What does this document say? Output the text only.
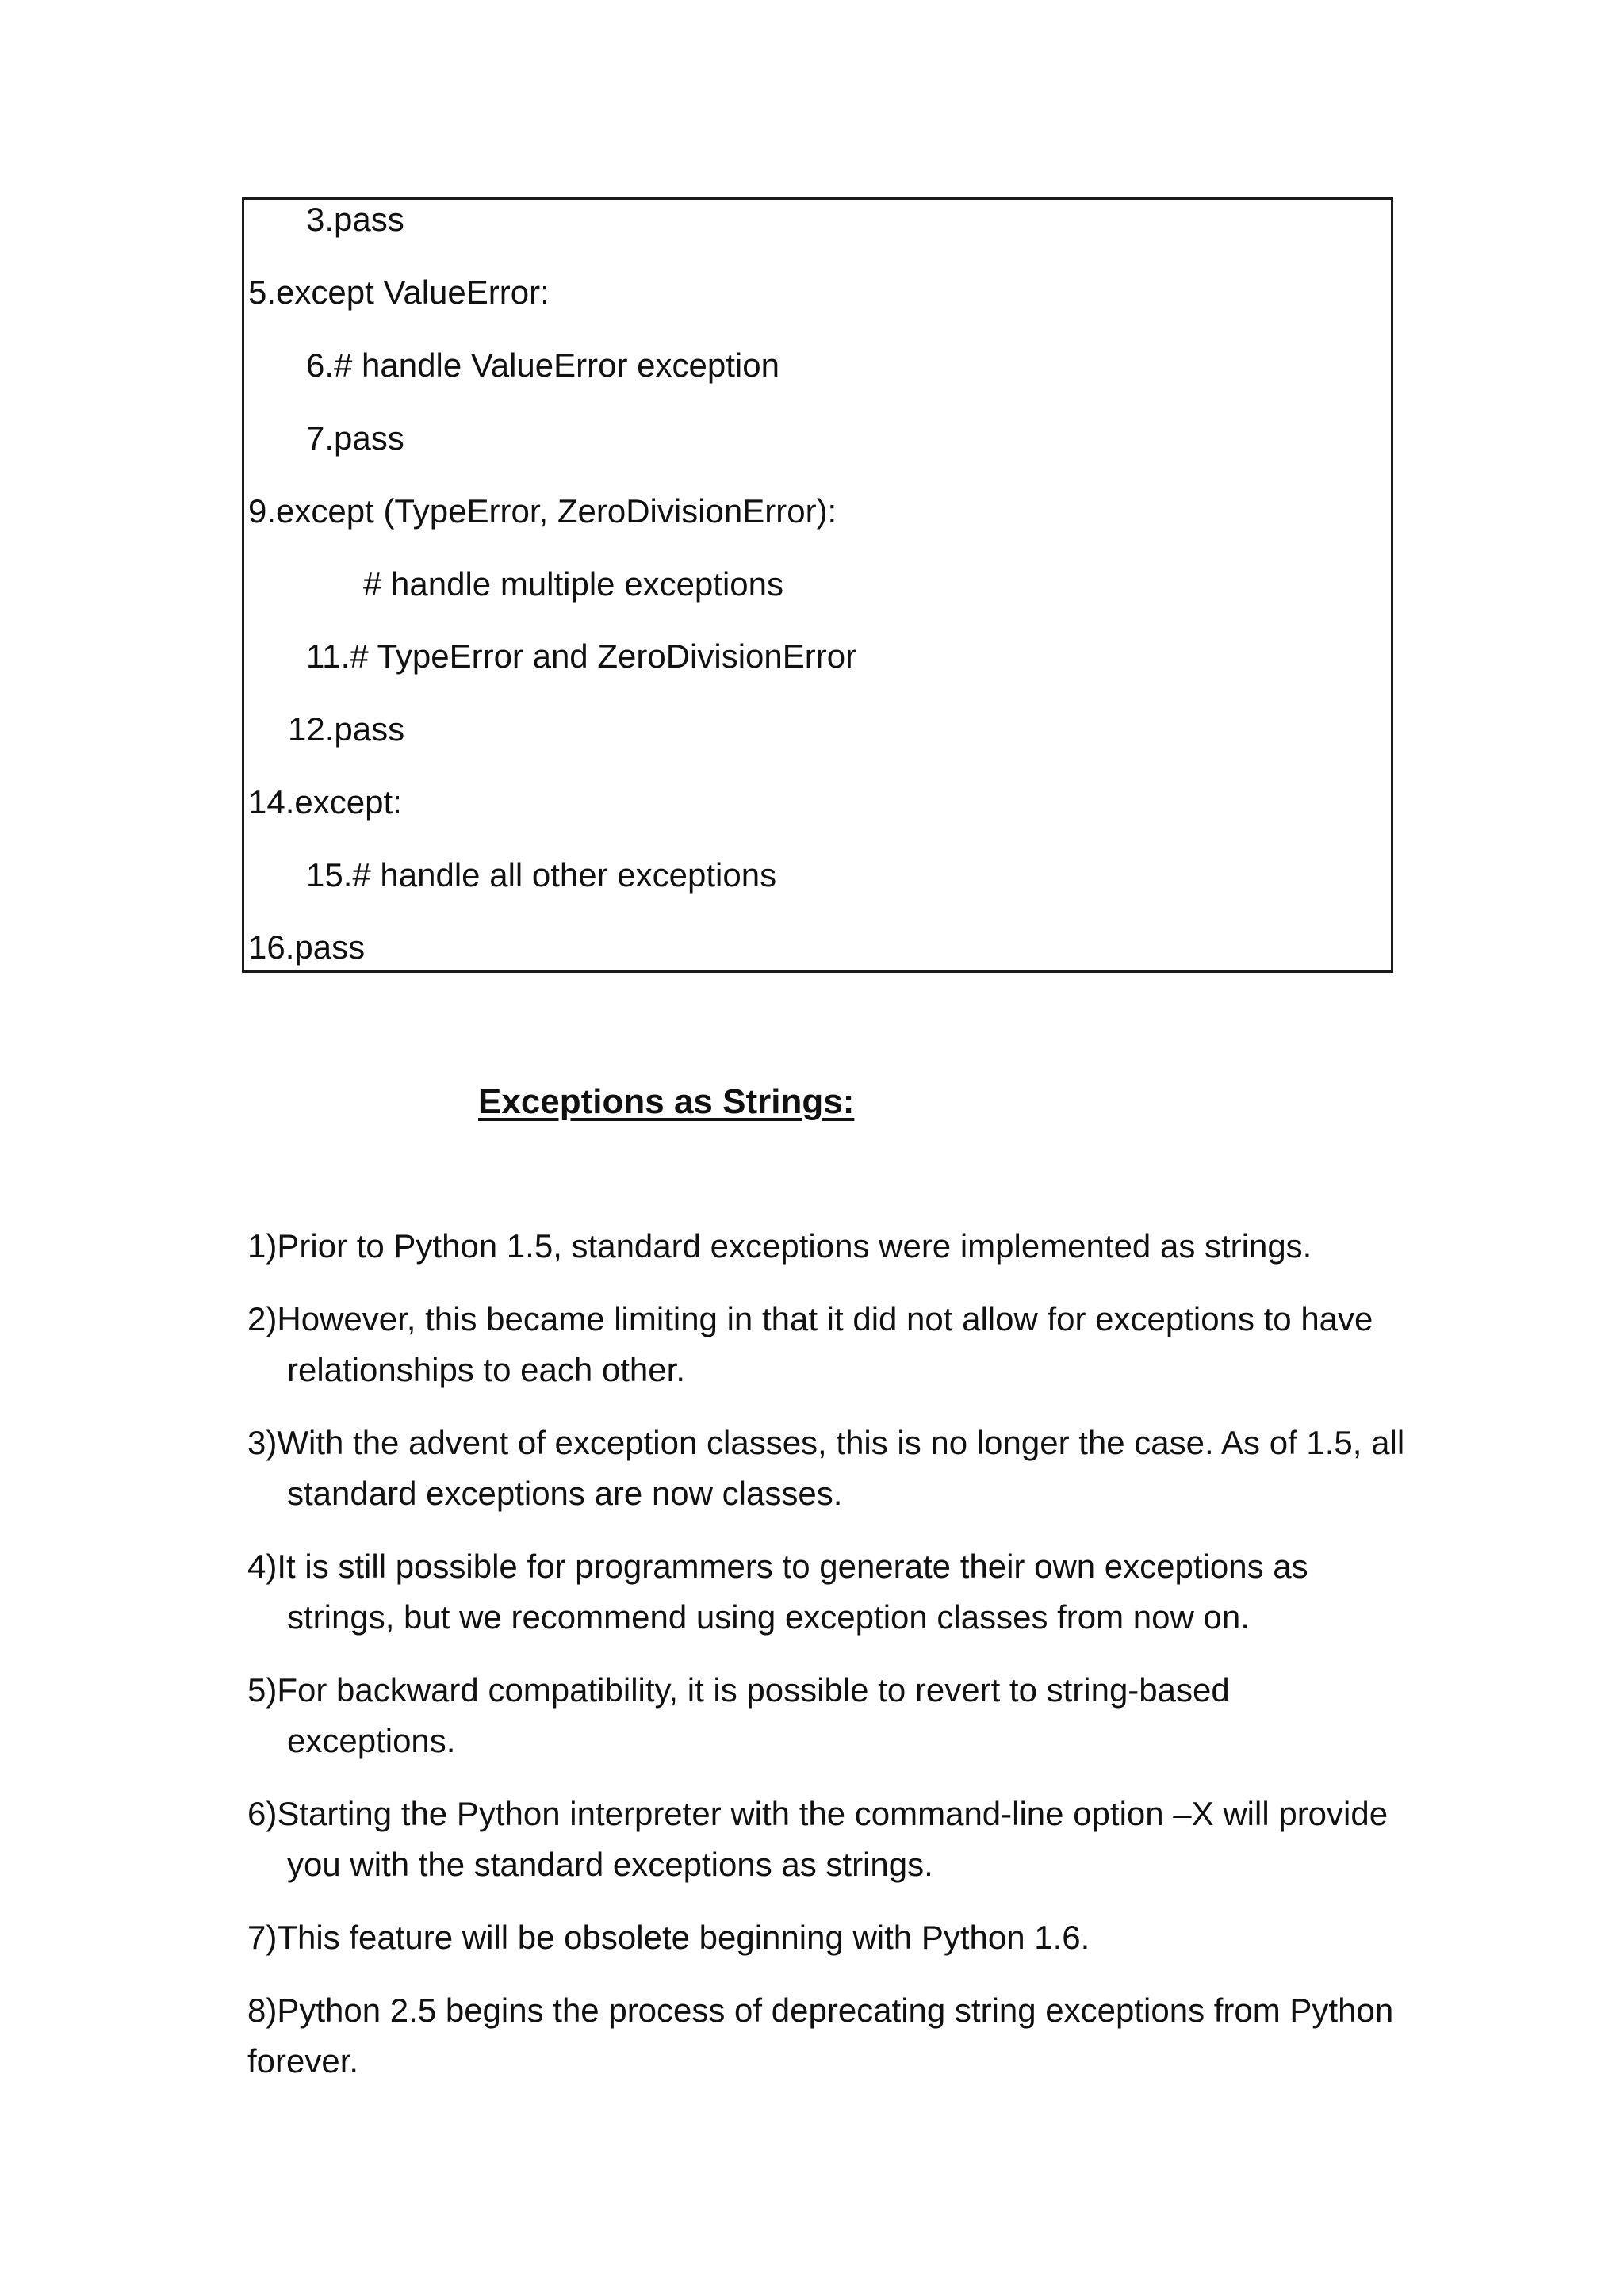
3.pass
5.except ValueError:
6.# handle ValueError exception
7.pass
9.except (TypeError, ZeroDivisionError):
# handle multiple exceptions
11.# TypeError and ZeroDivisionError
12.pass
14.except:
15.# handle all other exceptions
16.pass
Exceptions as Strings:
1)Prior to Python 1.5, standard exceptions were implemented as strings.
2)However, this became limiting in that it did not allow for exceptions to have relationships to each other.
3)With the advent of exception classes, this is no longer the case. As of 1.5, all standard exceptions are now classes.
4)It is still possible for programmers to generate their own exceptions as strings, but we recommend using exception classes from now on.
5)For backward compatibility, it is possible to revert to string-based exceptions.
6)Starting the Python interpreter with the command-line option –X will provide you with the standard exceptions as strings.
7)This feature will be obsolete beginning with Python 1.6.
8)Python 2.5 begins the process of deprecating string exceptions from Python forever.
